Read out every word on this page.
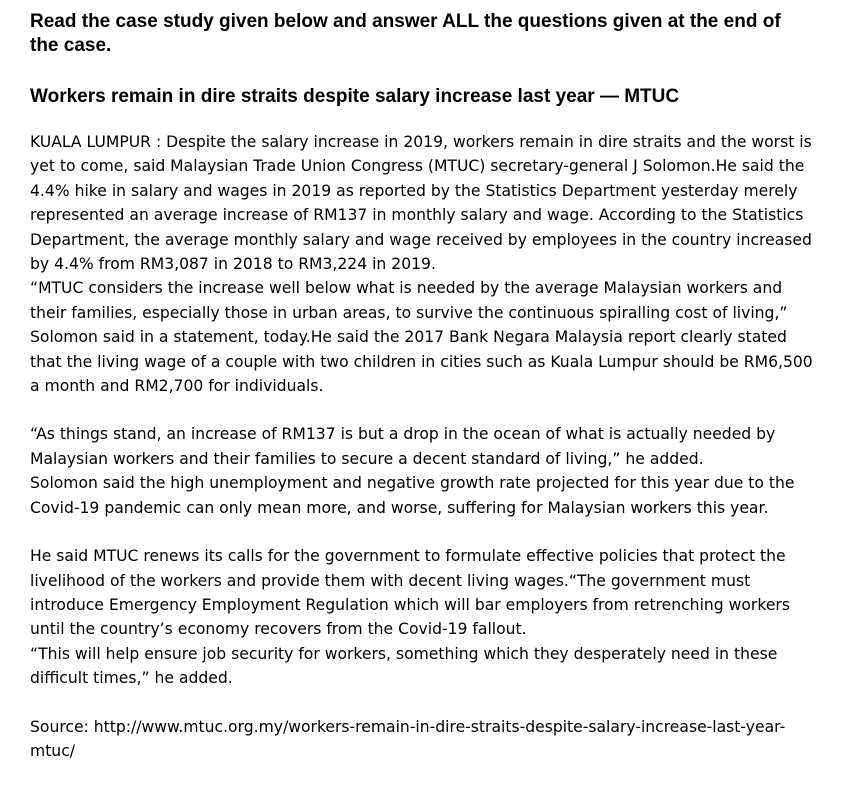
Read the case study given below and answer ALL the questions given at the end of the case.

Workers remain in dire straits despite salary increase last year — MTUC
KUALA LUMPUR : Despite the salary increase in 2019, workers remain in dire straits and the worst is yet to come, said Malaysian Trade Union Congress (MTUC) secretary-general J Solomon.He said the 4.4% hike in salary and wages in 2019 as reported by the Statistics Department yesterday merely represented an average increase of RM137 in monthly salary and wage. According to the Statistics Department, the average monthly salary and wage received by employees in the country increased by 4.4% from RM3,087 in 2018 to RM3,224 in 2019.
“MTUC considers the increase well below what is needed by the average Malaysian workers and their families, especially those in urban areas, to survive the continuous spiralling cost of living,” Solomon said in a statement, today.He said the 2017 Bank Negara Malaysia report clearly stated that the living wage of a couple with two children in cities such as Kuala Lumpur should be RM6,500 a month and RM2,700 for individuals.
“As things stand, an increase of RM137 is but a drop in the ocean of what is actually needed by Malaysian workers and their families to secure a decent standard of living,” he added.
Solomon said the high unemployment and negative growth rate projected for this year due to the Covid-19 pandemic can only mean more, and worse, suffering for Malaysian workers this year.
He said MTUC renews its calls for the government to formulate effective policies that protect the livelihood of the workers and provide them with decent living wages.“The government must introduce Emergency Employment Regulation which will bar employers from retrenching workers until the country’s economy recovers from the Covid-19 fallout.
“This will help ensure job security for workers, something which they desperately need in these difficult times,” he added.

Source: http://www.mtuc.org.my/workers-remain-in-dire-straits-despite-salary-increase-last-year-mtuc/
